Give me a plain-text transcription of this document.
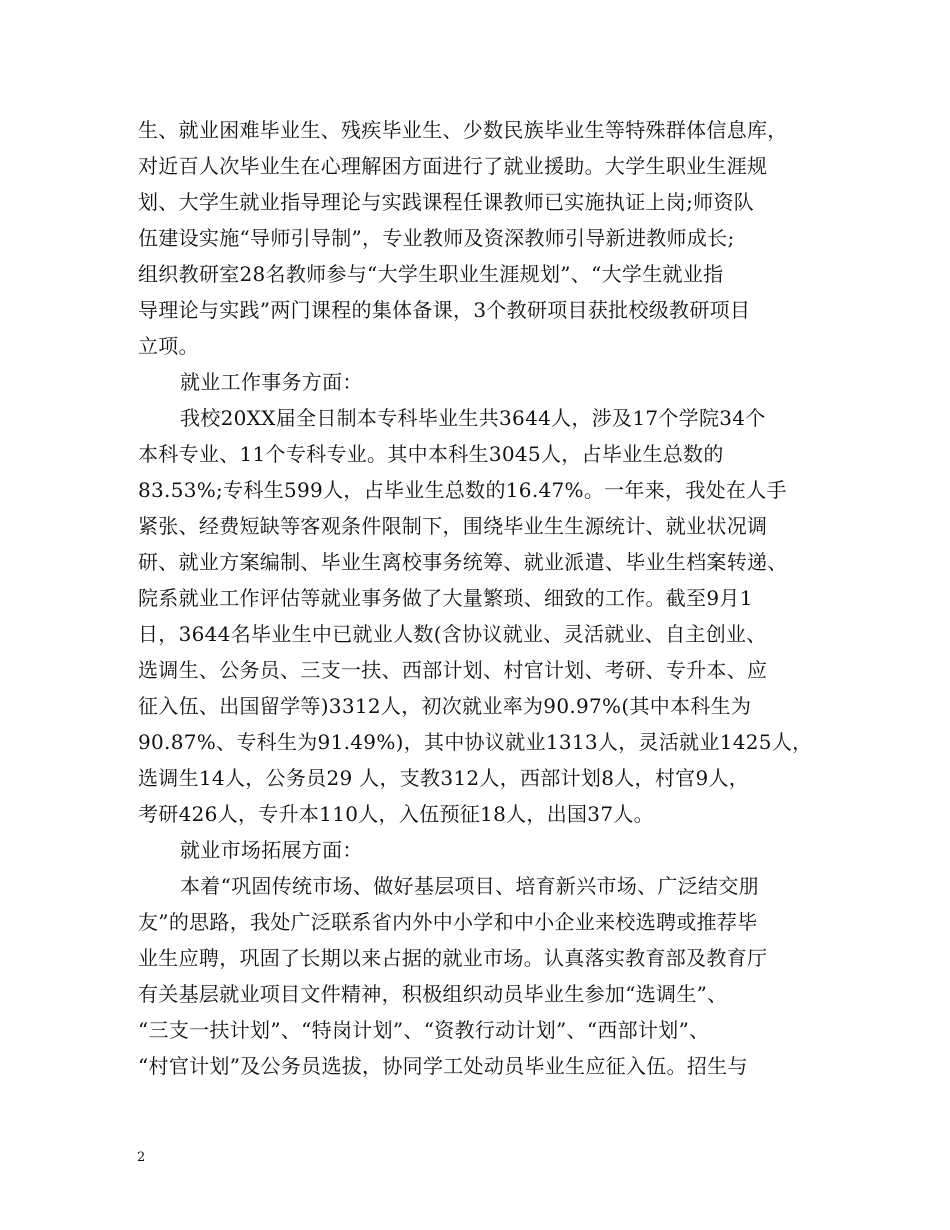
生、就业困难毕业生、残疾毕业生、少数民族毕业生等特殊群体信息库，
对近百人次毕业生在心理解困方面进行了就业援助。大学生职业生涯规
划、大学生就业指导理论与实践课程任课教师已实施执证上岗;师资队
伍建设实施“导师引导制”，专业教师及资深教师引导新进教师成长;
组织教研室28名教师参与“大学生职业生涯规划”、“大学生就业指
导理论与实践”两门课程的集体备课，3个教研项目获批校级教研项目
立项。
就业工作事务方面：
我校20XX届全日制本专科毕业生共3644人，涉及17个学院34个
本科专业、11个专科专业。其中本科生3045人，占毕业生总数的
83.53%;专科生599人，占毕业生总数的16.47%。一年来，我处在人手
紧张、经费短缺等客观条件限制下，围绕毕业生生源统计、就业状况调
研、就业方案编制、毕业生离校事务统筹、就业派遣、毕业生档案转递、
院系就业工作评估等就业事务做了大量繁琐、细致的工作。截至9月1
日，3644名毕业生中已就业人数(含协议就业、灵活就业、自主创业、
选调生、公务员、三支一扶、西部计划、村官计划、考研、专升本、应
征入伍、出国留学等)3312人，初次就业率为90.97%(其中本科生为
90.87%、专科生为91.49%)，其中协议就业1313人，灵活就业1425人，
选调生14人，公务员29 人，支教312人，西部计划8人，村官9人，
考研426人，专升本110人，入伍预征18人，出国37人。
就业市场拓展方面：
本着“巩固传统市场、做好基层项目、培育新兴市场、广泛结交朋
友”的思路，我处广泛联系省内外中小学和中小企业来校选聘或推荐毕
业生应聘，巩固了长期以来占据的就业市场。认真落实教育部及教育厅
有关基层就业项目文件精神，积极组织动员毕业生参加“选调生”、
“三支一扶计划”、“特岗计划”、“资教行动计划”、“西部计划”、
“村官计划”及公务员选拔，协同学工处动员毕业生应征入伍。招生与
2
